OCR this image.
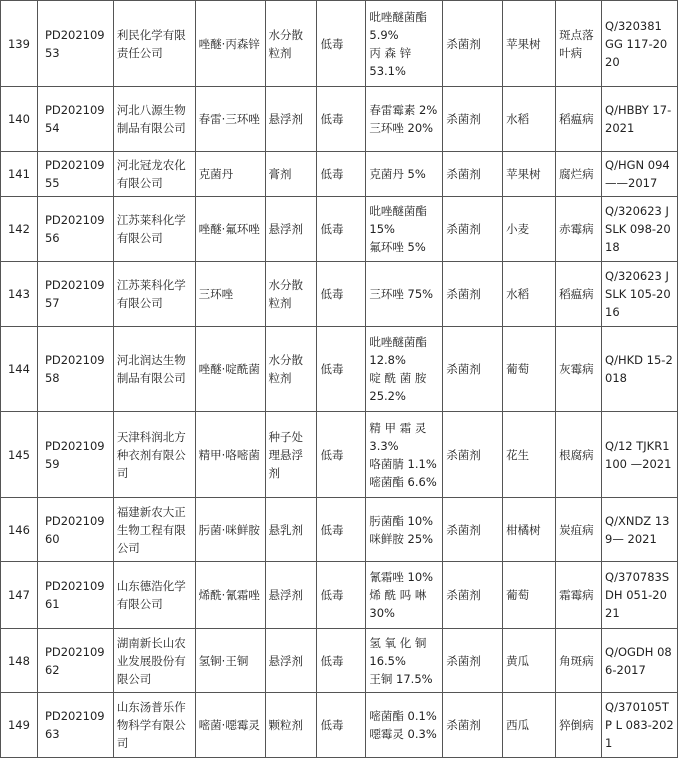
139	PD20210953	利民化学有限责任公司	唑醚·丙森锌	水分散粒剂	低毒	吡唑醚菌酯
5.9%
丙 森 锌
53.1%	杀菌剂	苹果树	斑点落叶病	Q/320381 GG 117-2020
140	PD20210954	河北八源生物制品有限公司	春雷·三环唑	悬浮剂	低毒	春雷霉素 2%
三环唑 20%	杀菌剂	水稻	稻瘟病	Q/HBBY 17-2021
141	PD20210955	河北冠龙农化有限公司	克菌丹	膏剂	低毒	克菌丹 5%	杀菌剂	苹果树	腐烂病	Q/HGN 094 ——2017
142	PD20210956	江苏莱科化学有限公司	唑醚·氟环唑	悬浮剂	低毒	吡唑醚菌酯
15%
氟环唑 5%	杀菌剂	小麦	赤霉病	Q/320623 JSLK 098-2018
143	PD20210957	江苏莱科化学有限公司	三环唑	水分散粒剂	低毒	三环唑 75%	杀菌剂	水稻	稻瘟病	Q/320623 JSLK 105-2016
144	PD20210958	河北润达生物制品有限公司	唑醚·啶酰菌	水分散粒剂	低毒	吡唑醚菌酯
12.8%
啶 酰 菌 胺
25.2%	杀菌剂	葡萄	灰霉病	Q/HKD 15-2018
145	PD20210959	天津科润北方种衣剂有限公司	精甲·咯嘧菌	种子处理悬浮剂	低毒	精 甲 霜 灵
3.3%
咯菌腈 1.1%
嘧菌酯 6.6%	杀菌剂	花生	根腐病	Q/12 TJKR1100 —2021
146	PD20210960	福建新农大正生物工程有限公司	肟菌·咪鲜胺	悬乳剂	低毒	肟菌酯 10%
咪鲜胺 25%	杀菌剂	柑橘树	炭疽病	Q/XNDZ 139— 2021
147	PD20210961	山东德浩化学有限公司	烯酰·氰霜唑	悬浮剂	低毒	氰霜唑 10%
烯 酰 吗 啉
30%	杀菌剂	葡萄	霜霉病	Q/370783S DH 051-2021
148	PD20210962	湖南新长山农业发展股份有限公司	氢铜·王铜	悬浮剂	低毒	氢 氧 化 铜
16.5%
王铜 17.5%	杀菌剂	黄瓜	角斑病	Q/OGDH 086-2017
149	PD20210963	山东汤普乐作物科学有限公司	嘧菌·噁霉灵	颗粒剂	低毒	嘧菌酯 0.1%
噁霉灵 0.3%	杀菌剂	西瓜	猝倒病	Q/370105TP L 083-2021
